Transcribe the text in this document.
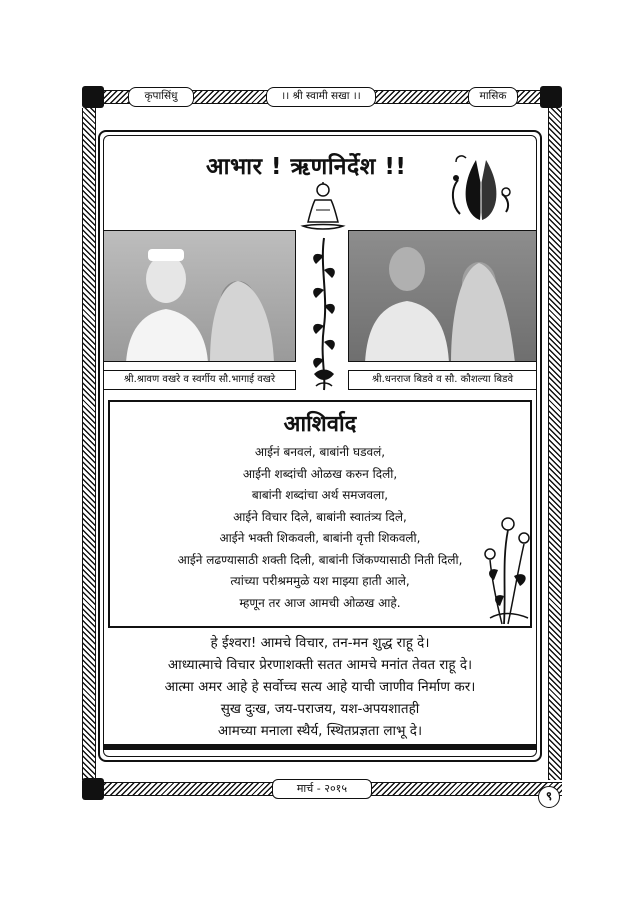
कृपासिंधु	।। श्री स्वामी सखा ।।	मासिक
आभार ! ऋणनिर्देश !!
श्री.श्रावण वखरे व स्वर्गीय सौ.भागाई वखरे	श्री.धनराज बिडवे व सौ. कौशल्या बिडवे
आशिर्वाद
आईनं बनवलं, बाबांनी घडवलं,
आईनी शब्दांची ओळख करुन दिली,
बाबांनी शब्दांचा अर्थ समजवला,
आईने विचार दिले, बाबांनी स्वातंत्र्य दिले,
आईने भक्ती शिकवली, बाबांनी वृत्ती शिकवली,
आईने लढण्यासाठी शक्ती दिली, बाबांनी जिंकण्यासाठी निती दिली,
त्यांच्या परीश्रममुळे यश माझ्या हाती आले,
म्हणून तर आज आमची ओळख आहे.
हे ईश्वरा! आमचे विचार, तन-मन शुद्ध राहू दे।
आध्यात्माचे विचार प्रेरणाशक्ती सतत आमचे मनांत तेवत राहू दे।
आत्मा अमर आहे हे सर्वोच्च सत्य आहे याची जाणीव निर्माण कर।
सुख दुःख, जय-पराजय, यश-अपयशातही
आमच्या मनाला स्थैर्य, स्थितप्रज्ञता लाभू दे।
मार्च - २०१५
९
